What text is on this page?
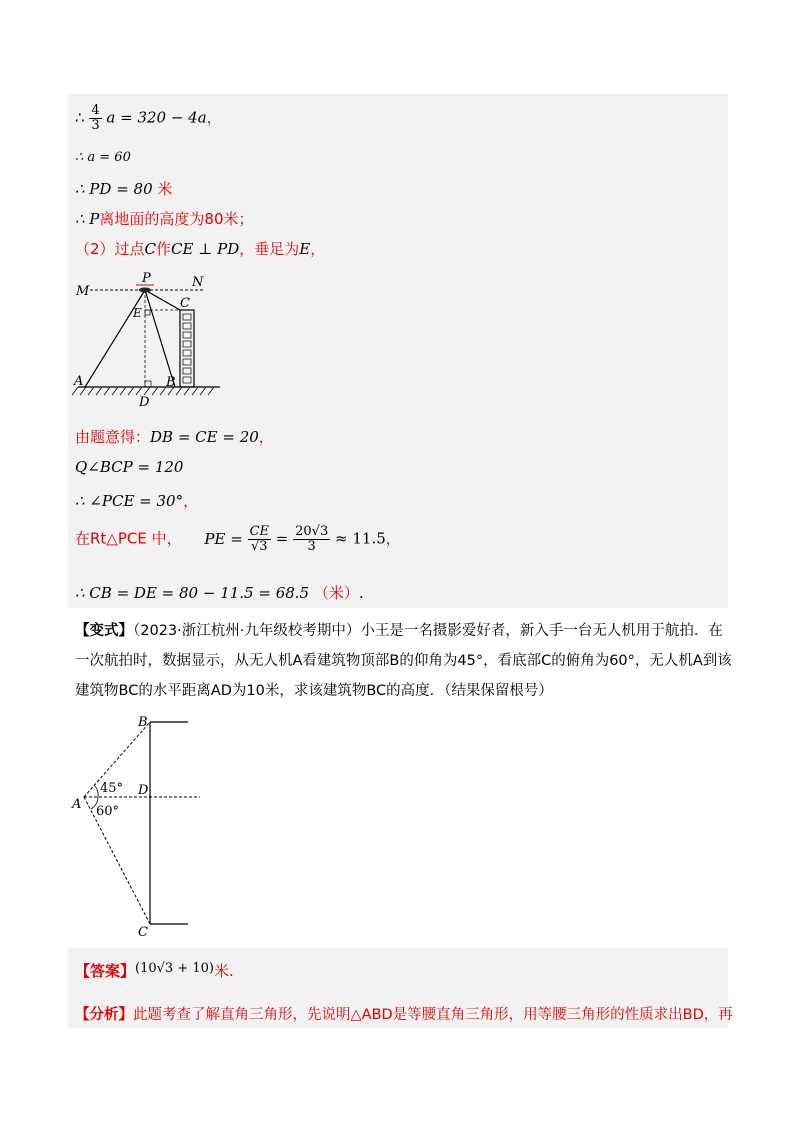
∴ $\frac{4}{3}$ a = 320 − 4a，
∴ a = 60
∴ PD = 80 米
∴ P离地面的高度为80米；
（2）过点C作CE ⊥ PD，垂足为E，
M
P	N
C
E
A	B
D
由题意得：DB = CE = 20，
Q∠BCP = 120
∴ ∠PCE = 30°，
在Rt△PCE 中， PE = $\frac{CE}{√3} = \frac{20√3}{3} \approx 11.5$，
∴ CB = DE = 80 − 11.5 = 68.5 （米）.
【变式】（2023·浙江杭州·九年级校考期中）小王是一名摄影爱好者，新入手一台无人机用于航拍．在一次航拍时，数据显示，从无人机A看建筑物顶部B的仰角为45°，看底部C的俯角为60°，无人机A到该建筑物BC的水平距离AD为10米，求该建筑物BC的高度．（结果保留根号）
B
D
A
C
45°
60°
【答案】(10√3 + 10)米.
【分析】此题考查了解直角三角形，先说明△ABD是等腰直角三角形，用等腰三角形的性质求出BD，再
